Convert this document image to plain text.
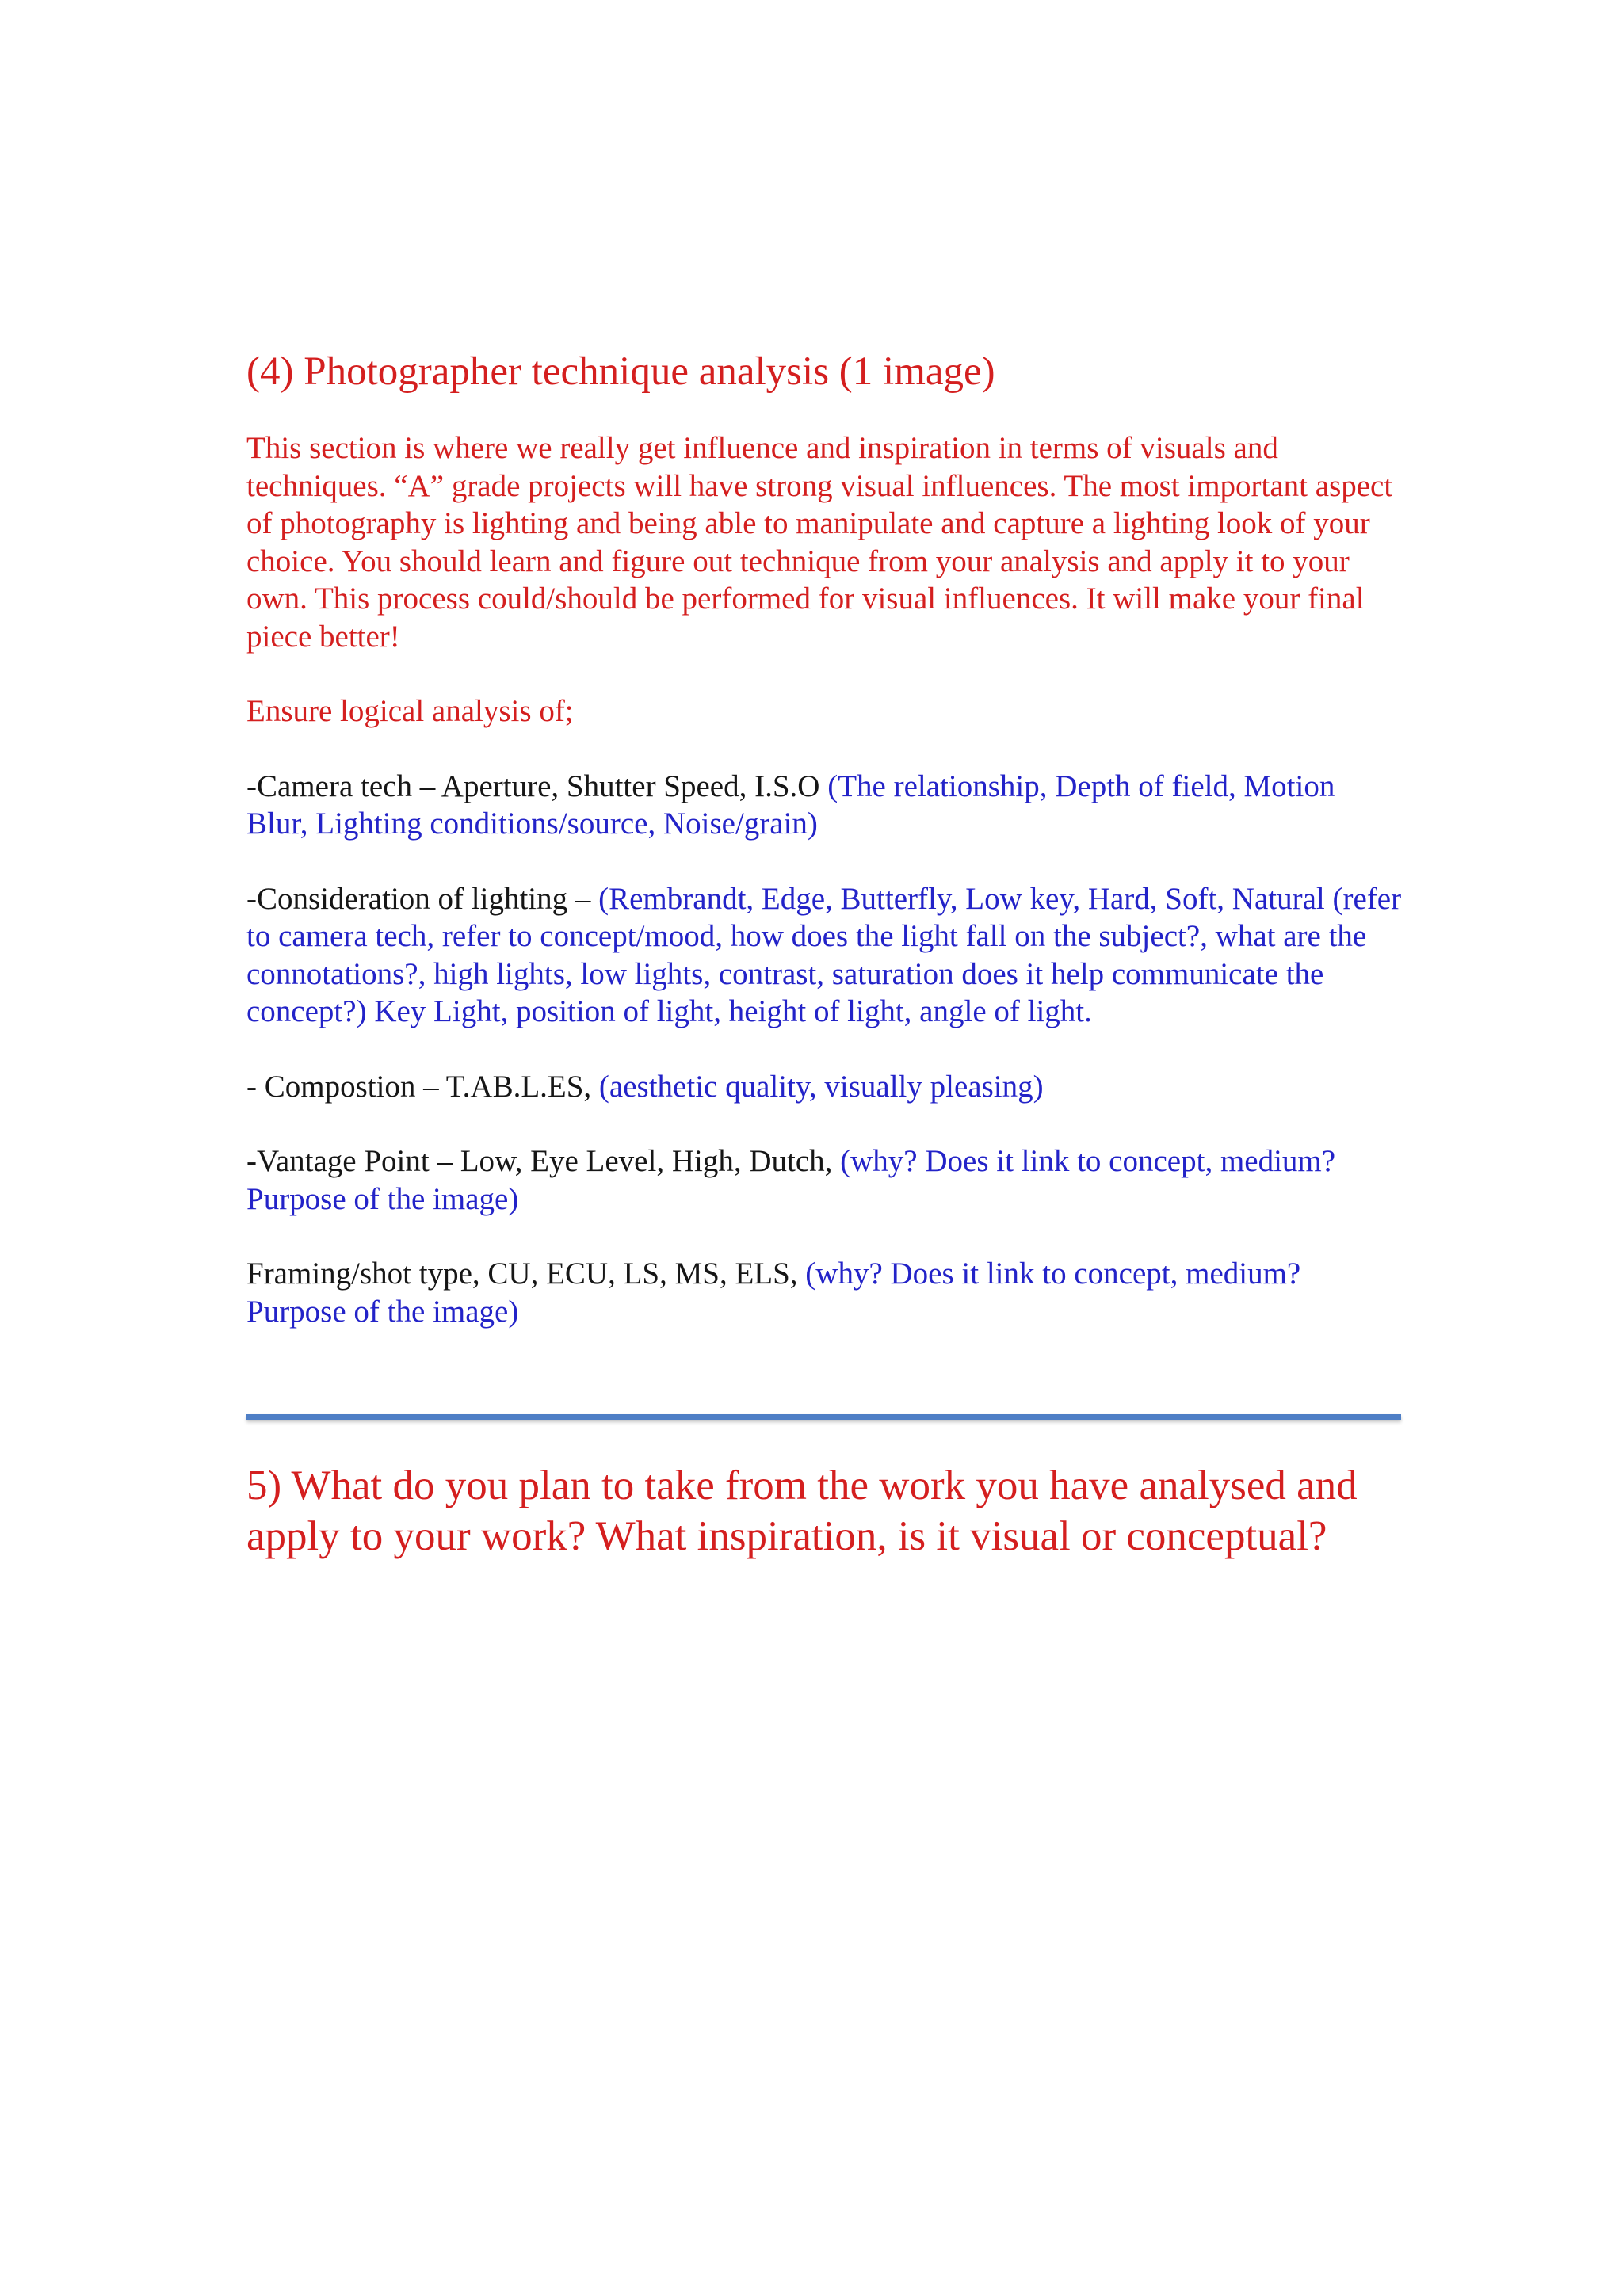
(4) Photographer technique analysis (1 image)

This section is where we really get influence and inspiration in terms of visuals and techniques. “A” grade projects will have strong visual influences. The most important aspect of photography is lighting and being able to manipulate and capture a lighting look of your choice. You should learn and figure out technique from your analysis and apply it to your own. This process could/should be performed for visual influences. It will make your final piece better!

Ensure logical analysis of;

-Camera tech – Aperture, Shutter Speed, I.S.O (The relationship, Depth of field, Motion Blur, Lighting conditions/source, Noise/grain)

-Consideration of lighting – (Rembrandt, Edge, Butterfly, Low key, Hard, Soft, Natural (refer to camera tech, refer to concept/mood, how does the light fall on the subject?, what are the connotations?, high lights, low lights, contrast, saturation does it help communicate the concept?) Key Light, position of light, height of light, angle of light.

- Compostion – T.AB.L.ES, (aesthetic quality, visually pleasing)

-Vantage Point – Low, Eye Level, High, Dutch, (why? Does it link to concept, medium? Purpose of the image)

Framing/shot type, CU, ECU, LS, MS, ELS, (why? Does it link to concept, medium? Purpose of the image)

5) What do you plan to take from the work you have analysed and apply to your work? What inspiration, is it visual or conceptual?
